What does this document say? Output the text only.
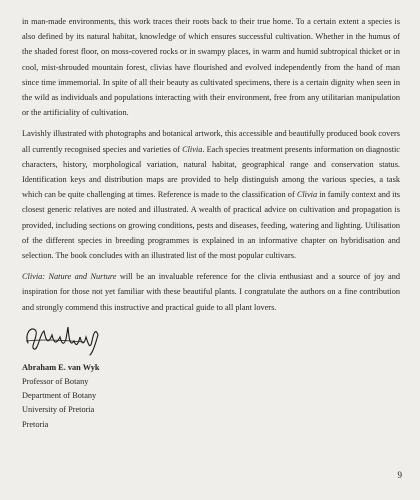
in man-made environments, this work traces their roots back to their true home. To a certain extent a species is also defined by its natural habitat, knowledge of which ensures successful cultivation. Whether in the humus of the shaded forest floor, on moss-covered rocks or in swampy places, in warm and humid subtropical thicket or in cool, mist-shrouded mountain forest, clivias have flourished and evolved independently from the hand of man since time immemorial. In spite of all their beauty as cultivated specimens, there is a certain dignity when seen in the wild as individuals and populations interacting with their environment, free from any utilitarian manipulation or the artificiality of cultivation.

Lavishly illustrated with photographs and botanical artwork, this accessible and beautifully produced book covers all currently recognised species and varieties of Clivia. Each species treatment presents information on diagnostic characters, history, morphological variation, natural habitat, geographical range and conservation status. Identification keys and distribution maps are provided to help distinguish among the various species, a task which can be quite challenging at times. Reference is made to the classification of Clivia in family context and its closest generic relatives are noted and illustrated. A wealth of practical advice on cultivation and propagation is provided, including sections on growing conditions, pests and diseases, feeding, watering and lighting. Utilisation of the different species in breeding programmes is explained in an informative chapter on hybridisation and selection. The book concludes with an illustrated list of the most popular cultivars.

Clivia: Nature and Nurture will be an invaluable reference for the clivia enthusiast and a source of joy and inspiration for those not yet familiar with these beautiful plants. I congratulate the authors on a fine contribution and strongly commend this instructive and practical guide to all plant lovers.

Abraham E. van Wyk
Professor of Botany
Department of Botany
University of Pretoria
Pretoria
9
